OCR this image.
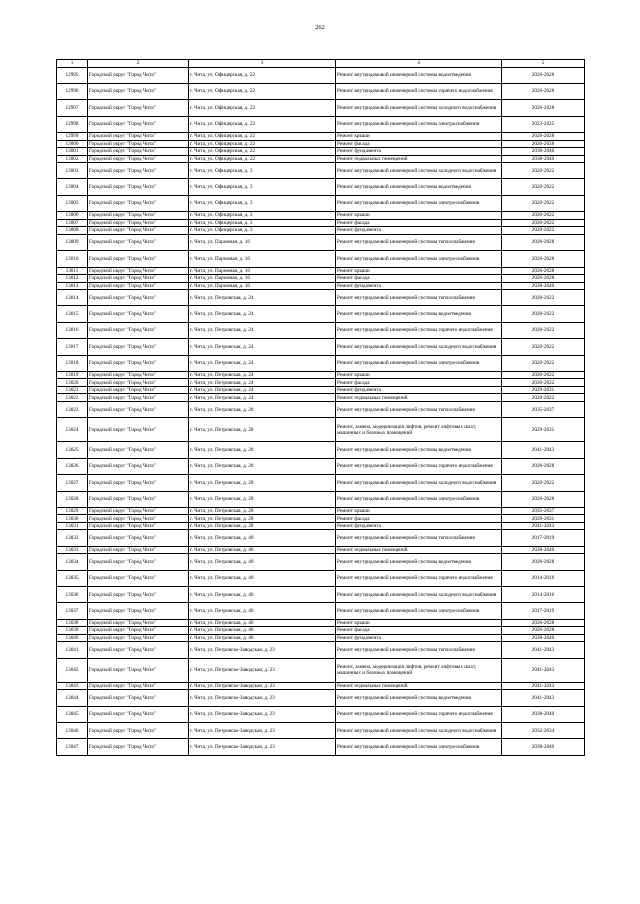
262
1	2	3	4	5
12995	Городской округ "Город Чита"	г. Чита, ул. Офицерская, д. 22	Ремонт внутридомовой инженерной системы водоотведения	2026-2028
12996	Городской округ "Город Чита"	г. Чита, ул. Офицерская, д. 22	Ремонт внутридомовой инженерной системы горячего водоснабжения	2026-2028
12997	Городской округ "Город Чита"	г. Чита, ул. Офицерская, д. 22	Ремонт внутридомовой инженерной системы холодного водоснабжения	2026-2028
12998	Городской округ "Город Чита"	г. Чита, ул. Офицерская, д. 22	Ремонт внутридомовой инженерной системы электроснабжения	2023-2025
12999	Городской округ "Город Чита"	г. Чита, ул. Офицерская, д. 22	Ремонт крыши	2026-2028
13000	Городской округ "Город Чита"	г. Чита, ул. Офицерская, д. 22	Ремонт фасада	2026-2028
13001	Городской округ "Город Чита"	г. Чита, ул. Офицерская, д. 22	Ремонт фундамента	2038-2040
13002	Городской округ "Город Чита"	г. Чита, ул. Офицерская, д. 22	Ремонт подвальных помещений	2038-2040
13003	Городской округ "Город Чита"	г. Чита, ул. Офицерская, д. 3	Ремонт внутридомовой инженерной системы холодного водоснабжения	2020-2022
13004	Городской округ "Город Чита"	г. Чита, ул. Офицерская, д. 3	Ремонт внутридомовой инженерной системы водоотведения	2020-2022
13005	Городской округ "Город Чита"	г. Чита, ул. Офицерская, д. 3	Ремонт внутридомовой инженерной системы электроснабжения	2020-2022
13006	Городской округ "Город Чита"	г. Чита, ул. Офицерская, д. 3	Ремонт крыши	2020-2022
13007	Городской округ "Город Чита"	г. Чита, ул. Офицерская, д. 3	Ремонт фасада	2020-2022
13008	Городской округ "Город Чита"	г. Чита, ул. Офицерская, д. 3	Ремонт фундамента	2020-2022
13009	Городской округ "Город Чита"	г. Чита, ул. Паромная, д. 16	Ремонт внутридомовой инженерной системы теплоснабжения	2026-2028
13010	Городской округ "Город Чита"	г. Чита, ул. Паромная, д. 16	Ремонт внутридомовой инженерной системы электроснабжения	2026-2028
13011	Городской округ "Город Чита"	г. Чита, ул. Паромная, д. 16	Ремонт крыши	2026-2028
13012	Городской округ "Город Чита"	г. Чита, ул. Паромная, д. 16	Ремонт фасада	2026-2028
13013	Городской округ "Город Чита"	г. Чита, ул. Паромная, д. 16	Ремонт фундамента	2038-2040
13014	Городской округ "Город Чита"	г. Чита, ул. Петровская, д. 24	Ремонт внутридомовой инженерной системы теплоснабжения	2020-2022
13015	Городской округ "Город Чита"	г. Чита, ул. Петровская, д. 24	Ремонт внутридомовой инженерной системы водоотведения	2020-2022
13016	Городской округ "Город Чита"	г. Чита, ул. Петровская, д. 24	Ремонт внутридомовой инженерной системы горячего водоснабжения	2020-2022
13017	Городской округ "Город Чита"	г. Чита, ул. Петровская, д. 24	Ремонт внутридомовой инженерной системы холодного водоснабжения	2020-2022
13018	Городской округ "Город Чита"	г. Чита, ул. Петровская, д. 24	Ремонт внутридомовой инженерной системы электроснабжения	2020-2022
13019	Городской округ "Город Чита"	г. Чита, ул. Петровская, д. 24	Ремонт крыши	2020-2022
13020	Городской округ "Город Чита"	г. Чита, ул. Петровская, д. 24	Ремонт фасада	2020-2022
13021	Городской округ "Город Чита"	г. Чита, ул. Петровская, д. 24	Ремонт фундамента	2029-2031
13022	Городской округ "Город Чита"	г. Чита, ул. Петровская, д. 24	Ремонт подвальных помещений	2020-2022
13023	Городской округ "Город Чита"	г. Чита, ул. Петровская, д. 28	Ремонт внутридомовой инженерной системы теплоснабжения	2035-2037
13024	Городской округ "Город Чита"	г. Чита, ул. Петровская, д. 28	Ремонт, замена, модернизация лифтов, ремонт лифтовых шахт, машинных и блочных помещений	2029-2031
13025	Городской округ "Город Чита"	г. Чита, ул. Петровская, д. 28	Ремонт внутридомовой инженерной системы водоотведения	2041-2043
13026	Городской округ "Город Чита"	г. Чита, ул. Петровская, д. 28	Ремонт внутридомовой инженерной системы горячего водоснабжения	2026-2028
13027	Городской округ "Город Чита"	г. Чита, ул. Петровская, д. 28	Ремонт внутридомовой инженерной системы холодного водоснабжения	2020-2022
13028	Городской округ "Город Чита"	г. Чита, ул. Петровская, д. 28	Ремонт внутридомовой инженерной системы электроснабжения	2026-2028
13029	Городской округ "Город Чита"	г. Чита, ул. Петровская, д. 28	Ремонт крыши	2035-2037
13030	Городской округ "Город Чита"	г. Чита, ул. Петровская, д. 28	Ремонт фасада	2029-2031
13031	Городской округ "Город Чита"	г. Чита, ул. Петровская, д. 28	Ремонт фундамента	2041-2043
13032	Городской округ "Город Чита"	г. Чита, ул. Петровская, д. 40	Ремонт внутридомовой инженерной системы теплоснабжения	2017-2019
13033	Городской округ "Город Чита"	г. Чита, ул. Петровская, д. 40	Ремонт подвальных помещений	2038-2040
13034	Городской округ "Город Чита"	г. Чита, ул. Петровская, д. 40	Ремонт внутридомовой инженерной системы водоотведения	2026-2028
13035	Городской округ "Город Чита"	г. Чита, ул. Петровская, д. 40	Ремонт внутридомовой инженерной системы горячего водоснабжения	2014-2016
13036	Городской округ "Город Чита"	г. Чита, ул. Петровская, д. 40	Ремонт внутридомовой инженерной системы холодного водоснабжения	2014-2016
13037	Городской округ "Город Чита"	г. Чита, ул. Петровская, д. 40	Ремонт внутридомовой инженерной системы электроснабжения	2017-2019
13038	Городской округ "Город Чита"	г. Чита, ул. Петровская, д. 40	Ремонт крыши	2026-2028
13039	Городской округ "Город Чита"	г. Чита, ул. Петровская, д. 40	Ремонт фасада	2026-2028
13040	Городской округ "Город Чита"	г. Чита, ул. Петровская, д. 40	Ремонт фундамента	2038-2040
13041	Городской округ "Город Чита"	г. Чита, ул. Петровско-Заводская, д. 23	Ремонт внутридомовой инженерной системы теплоснабжения	2041-2043
13042	Городской округ "Город Чита"	г. Чита, ул. Петровско-Заводская, д. 23	Ремонт, замена, модернизация лифтов, ремонт лифтовых шахт, машинных и блочных помещений	2041-2043
13043	Городской округ "Город Чита"	г. Чита, ул. Петровско-Заводская, д. 23	Ремонт подвальных помещений	2041-2043
13044	Городской округ "Город Чита"	г. Чита, ул. Петровско-Заводская, д. 23	Ремонт внутридомовой инженерной системы водоотведения	2041-2043
13045	Городской округ "Город Чита"	г. Чита, ул. Петровско-Заводская, д. 23	Ремонт внутридомовой инженерной системы горячего водоснабжения	2038-2040
13046	Городской округ "Город Чита"	г. Чита, ул. Петровско-Заводская, д. 23	Ремонт внутридомовой инженерной системы холодного водоснабжения	2032-2034
13047	Городской округ "Город Чита"	г. Чита, ул. Петровско-Заводская, д. 23	Ремонт внутридомовой инженерной системы электроснабжения	2038-2040
